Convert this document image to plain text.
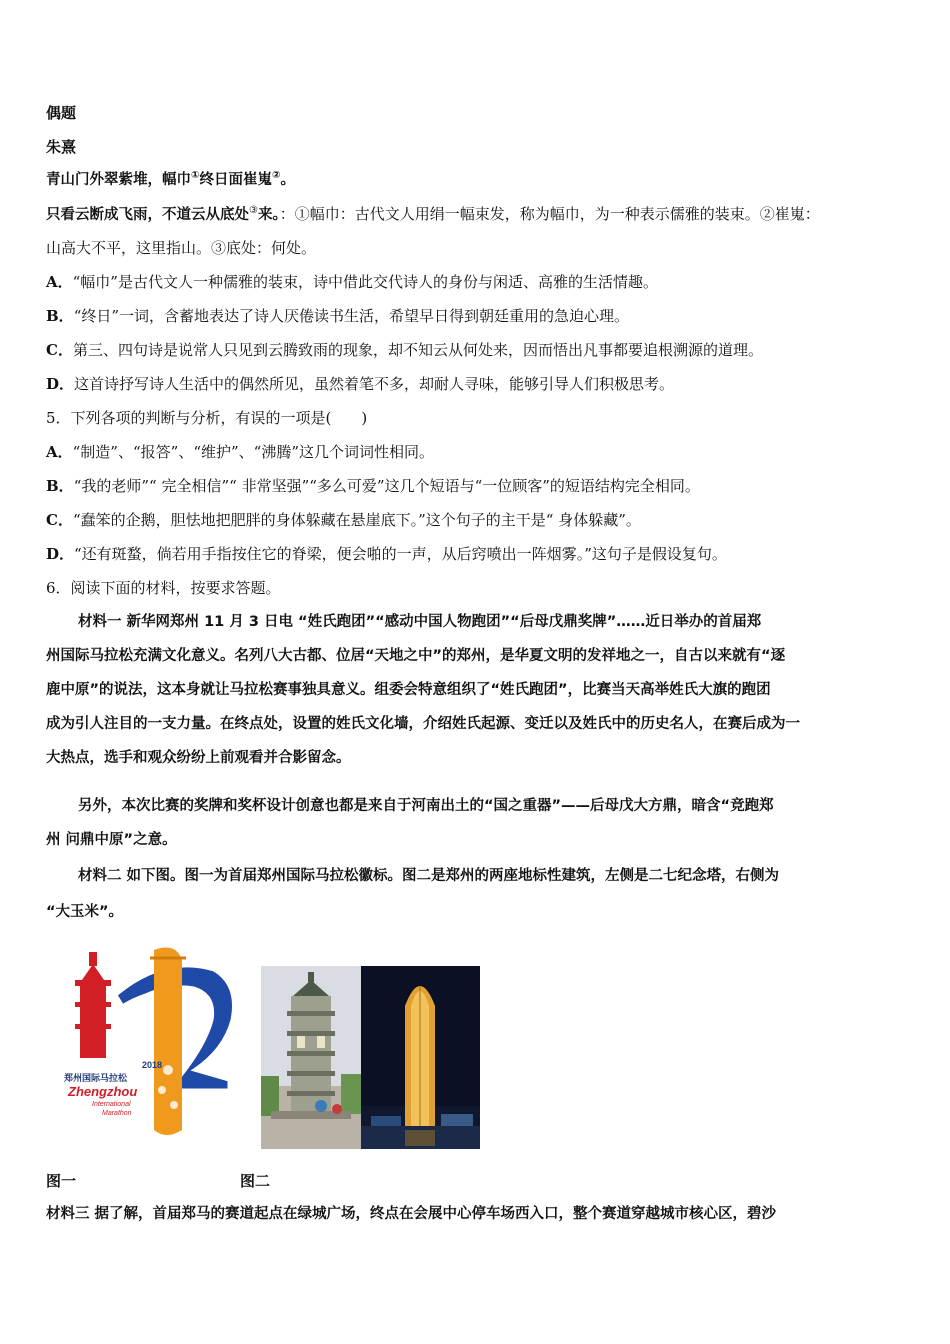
偶题
朱熹
青山门外翠紫堆，幅巾①终日面崔嵬②。
只看云断成飞雨，不道云从底处③来。：①幅巾：古代文人用绢一幅束发，称为幅巾，为一种表示儒雅的装束。②崔嵬：
山高大不平，这里指山。③底处：何处。
A．“幅巾”是古代文人一种儒雅的装束，诗中借此交代诗人的身份与闲适、高雅的生活情趣。
B．“终日”一词，含蓄地表达了诗人厌倦读书生活，希望早日得到朝廷重用的急迫心理。
C．第三、四句诗是说常人只见到云腾致雨的现象，却不知云从何处来，因而悟出凡事都要追根溯源的道理。
D．这首诗抒写诗人生活中的偶然所见，虽然着笔不多，却耐人寻味，能够引导人们积极思考。
5．下列各项的判断与分析，有误的一项是(　　)
A．“制造”、“报答”、“维护”、“沸腾”这几个词词性相同。
B．“我的老师”“ 完全相信”“ 非常坚强”“多么可爱”这几个短语与“一位顾客”的短语结构完全相同。
C．“蠢笨的企鹅，胆怯地把肥胖的身体躲藏在悬崖底下。”这个句子的主干是“ 身体躲藏”。
D．“还有斑蝥，倘若用手指按住它的脊梁，便会啪的一声，从后窍喷出一阵烟雾。”这句子是假设复句。
6．阅读下面的材料，按要求答题。
材料一 新华网郑州 11 月 3 日电 “姓氏跑团”“感动中国人物跑团”“后母戊鼎奖牌”……近日举办的首届郑
州国际马拉松充满文化意义。名列八大古都、位居“天地之中”的郑州，是华夏文明的发祥地之一，自古以来就有“逐
鹿中原”的说法，这本身就让马拉松赛事独具意义。组委会特意组织了“姓氏跑团”，比赛当天高举姓氏大旗的跑团
成为引人注目的一支力量。在终点处，设置的姓氏文化墙，介绍姓氏起源、变迁以及姓氏中的历史名人，在赛后成为一
大热点，选手和观众纷纷上前观看并合影留念。
另外，本次比赛的奖牌和奖杯设计创意也都是来自于河南出土的“国之重器”——后母戊大方鼎，暗含“竞跑郑
州 问鼎中原”之意。
材料二 如下图。图一为首届郑州国际马拉松徽标。图二是郑州的两座地标性建筑，左侧是二七纪念塔，右侧为
“大玉米”。
2018
郑州国际马拉松
Zhengzhou
International
Marathon
图一	图二
材料三 据了解，首届郑马的赛道起点在绿城广场，终点在会展中心停车场西入口，整个赛道穿越城市核心区，碧沙
